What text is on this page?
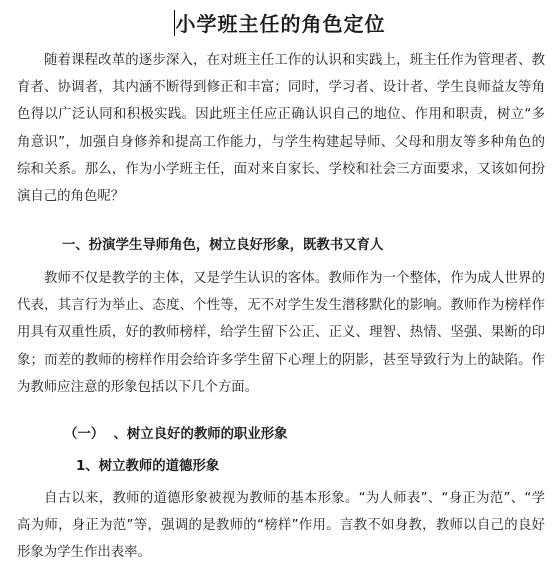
小学班主任的角色定位
随着课程改革的逐步深入，在对班主任工作的认识和实践上，班主任作为管理者、教育者、协调者，其内涵不断得到修正和丰富；同时，学习者、设计者、学生良师益友等角色得以广泛认同和积极实践。因此班主任应正确认识自己的地位、作用和职责，树立“多角意识”，加强自身修养和提高工作能力，与学生构建起导师、父母和朋友等多种角色的综和关系。那么，作为小学班主任，面对来自家长、学校和社会三方面要求，又该如何扮演自己的角色呢？
一、扮演学生导师角色，树立良好形象，既教书又育人
教师不仅是教学的主体，又是学生认识的客体。教师作为一个整体，作为成人世界的代表，其言行为举止、态度、个性等，无不对学生发生潜移默化的影响。教师作为榜样作用具有双重性质，好的教师榜样，给学生留下公正、正义、理智、热情、坚强、果断的印象；而差的教师的榜样作用会给许多学生留下心理上的阴影，甚至导致行为上的缺陷。作为教师应注意的形象包括以下几个方面。
（一）  、树立良好的教师的职业形象
1、树立教师的道德形象
自古以来，教师的道德形象被视为教师的基本形象。“为人师表”、“身正为范”、“学高为师，身正为范”等，强调的是教师的“榜样”作用。言教不如身教，教师以自己的良好形象为学生作出表率。
